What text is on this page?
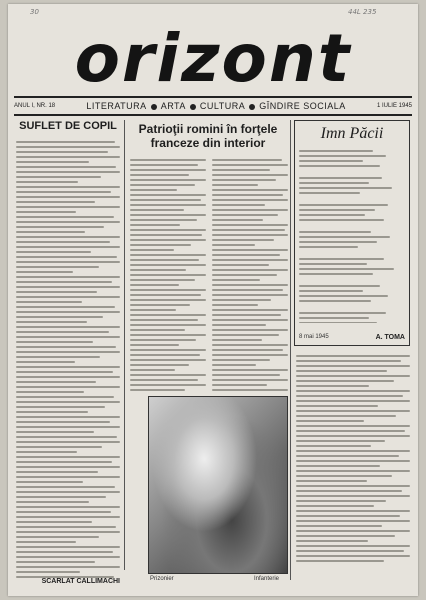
30	44L 235
orizont
ANUL I, NR. 18	LITERATURA ARTA CULTURA GÎNDIRE SOCIALA	1 IULIE 1945
SUFLET DE COPIL
SCARLAT CALLIMACHI
Patrioţii romini în forţele franceze din interior
Prizonier	Infanterie
Imn Păcii
8 mai 1945	A. TOMA
